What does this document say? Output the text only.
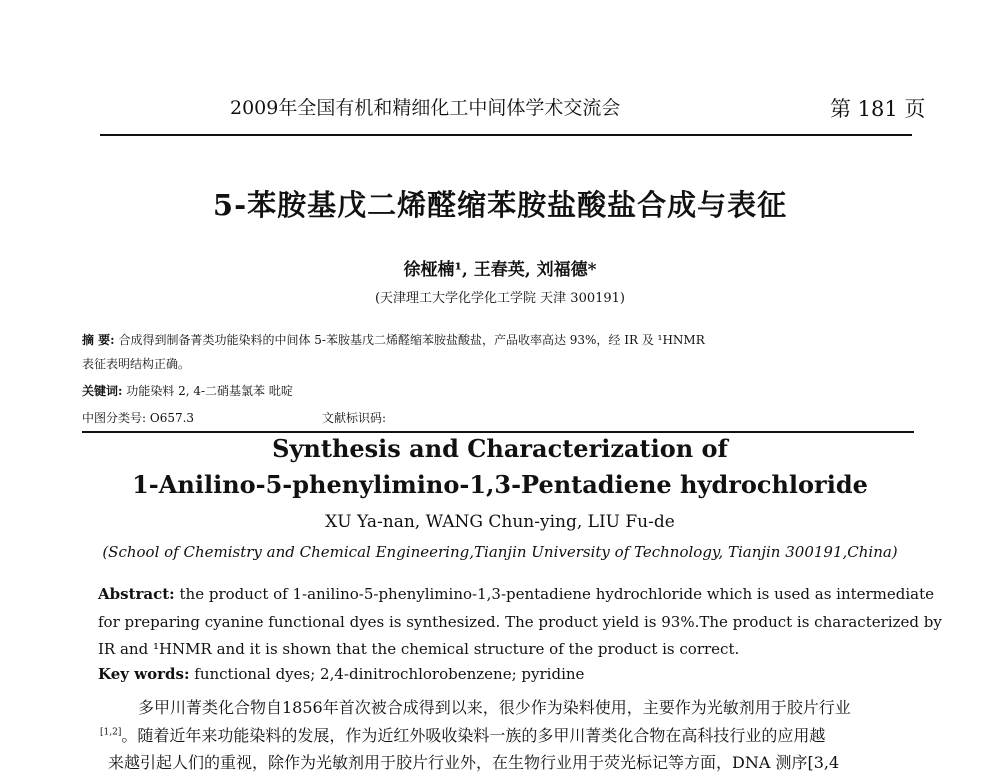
2009年全国有机和精细化工中间体学术交流会	第 181 页
5-苯胺基戊二烯醛缩苯胺盐酸盐合成与表征
徐桠楠¹, 王春英, 刘福德*
(天津理工大学化学化工学院 天津 300191)
摘 要: 合成得到制备菁类功能染料的中间体 5-苯胺基戊二烯醛缩苯胺盐酸盐，产品收率高达 93%，经 IR 及 ¹HNMR
表征表明结构正确。
关键词: 功能染料 2, 4-二硝基氯苯 吡啶
中图分类号: O657.3	文献标识码:
Synthesis and Characterization of
1-Anilino-5-phenylimino-1,3-Pentadiene hydrochloride
XU Ya-nan, WANG Chun-ying, LIU Fu-de
(School of Chemistry and Chemical Engineering,Tianjin University of Technology, Tianjin 300191,China)
Abstract: the product of 1-anilino-5-phenylimino-1,3-pentadiene hydrochloride which is used as intermediate
for preparing cyanine functional dyes is synthesized. The product yield is 93%.The product is characterized by
IR and ¹HNMR and it is shown that the chemical structure of the product is correct.
Key words: functional dyes; 2,4-dinitrochlorobenzene; pyridine
多甲川菁类化合物自1856年首次被合成得到以来，很少作为染料使用，主要作为光敏剂用于胶片行业
[1,2]。随着近年来功能染料的发展，作为近红外吸收染料一族的多甲川菁类化合物在高科技行业的应用越
来越引起人们的重视，除作为光敏剂用于胶片行业外，在生物行业用于荧光标记等方面，DNA 测序[3,4
